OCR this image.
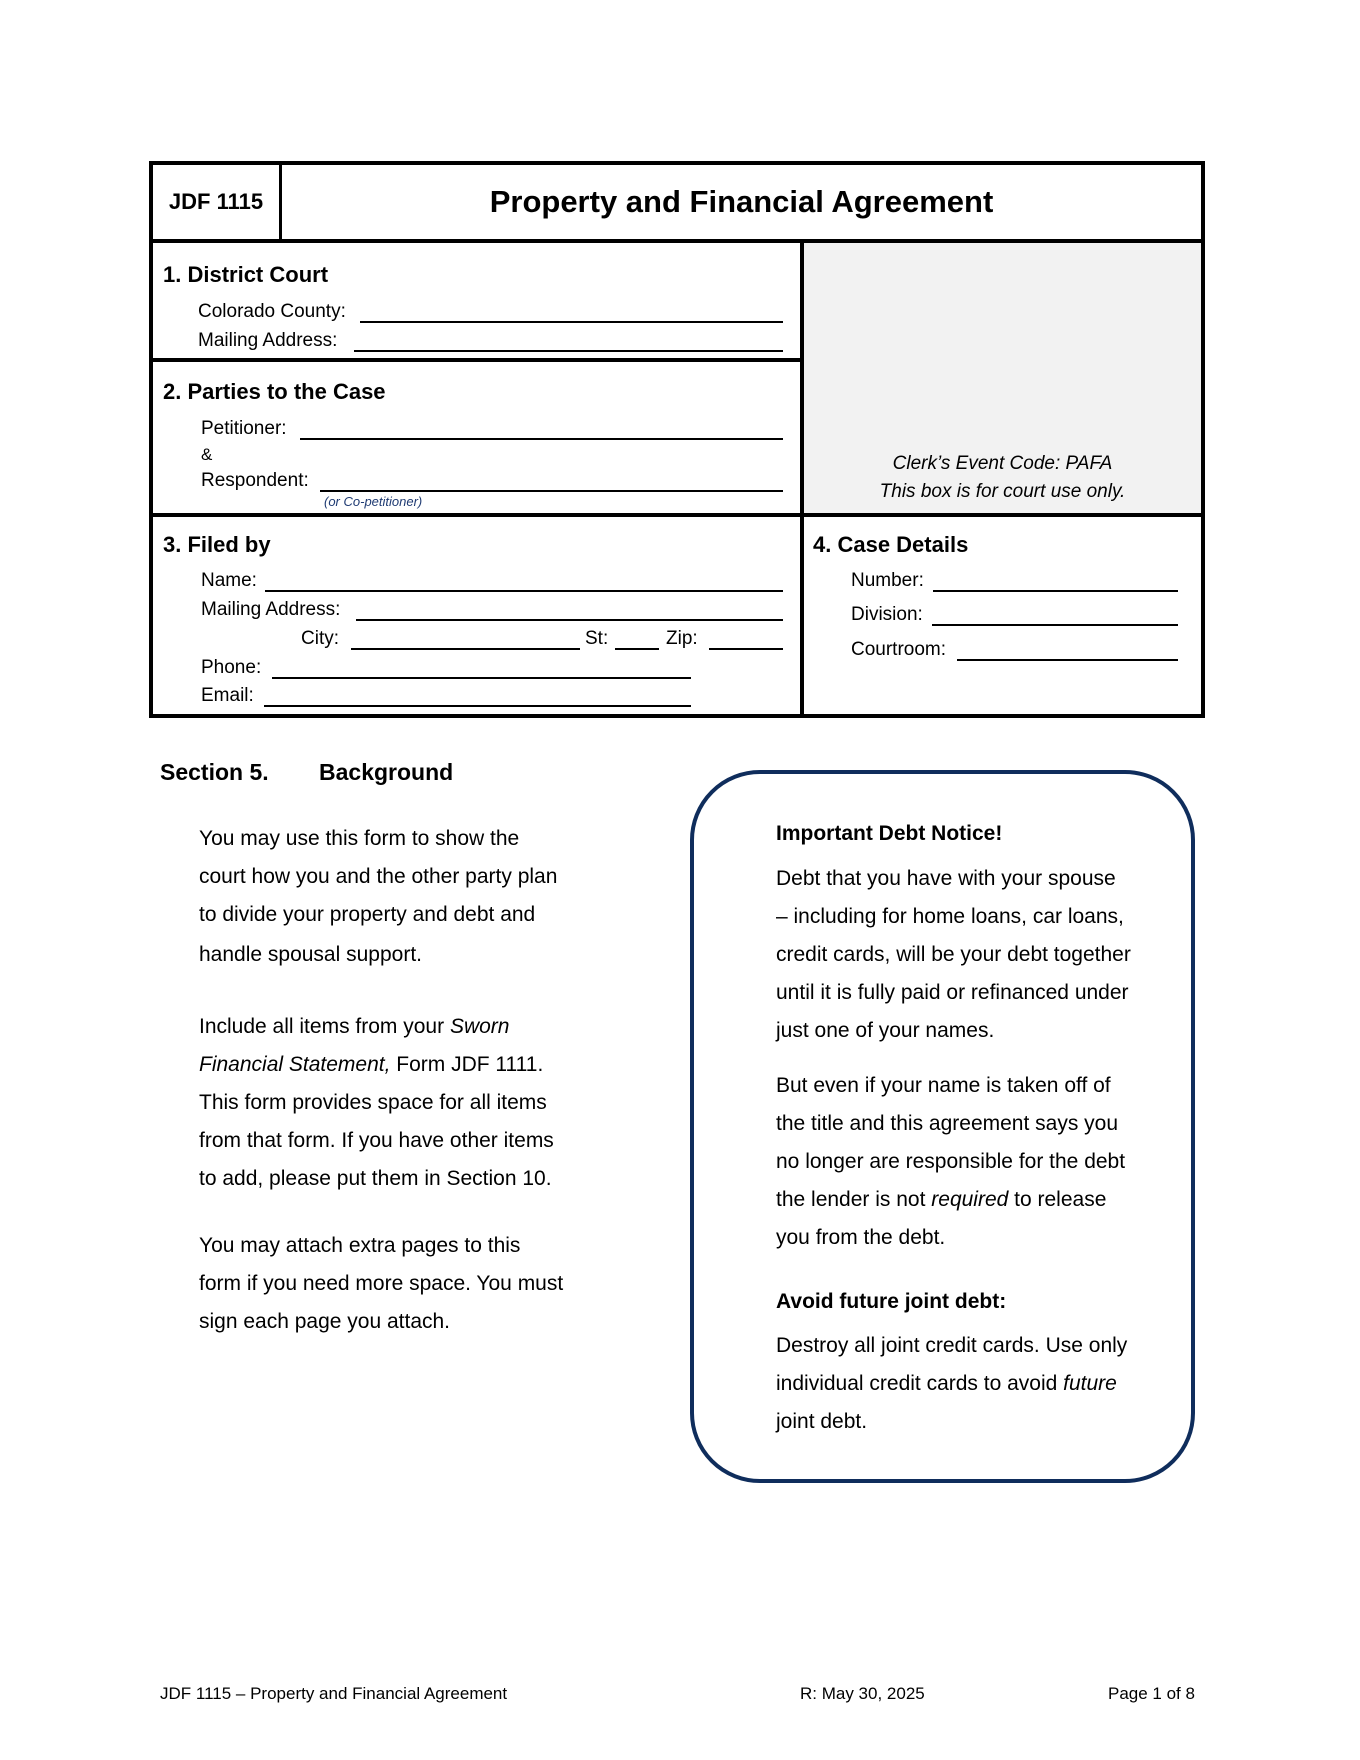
JDF 1115	Property and Financial Agreement
1. District Court
Colorado County:
Mailing Address:
2. Parties to the Case
Petitioner:
&
Respondent:
(or Co-petitioner)
Clerk’s Event Code: PAFA
This box is for court use only.
3. Filed by
Name:
Mailing Address:
City:	St:	Zip:
Phone:
Email:
4. Case Details
Number:
Division:
Courtroom:
Section 5. Background
You may use this form to show the
court how you and the other party plan
to divide your property and debt and
handle spousal support.
Include all items from your Sworn
Financial Statement, Form JDF 1111.
This form provides space for all items
from that form. If you have other items
to add, please put them in Section 10.
You may attach extra pages to this
form if you need more space. You must
sign each page you attach.
Important Debt Notice!
Debt that you have with your spouse
– including for home loans, car loans,
credit cards, will be your debt together
until it is fully paid or refinanced under
just one of your names.
But even if your name is taken off of
the title and this agreement says you
no longer are responsible for the debt
the lender is not required to release
you from the debt.
Avoid future joint debt:
Destroy all joint credit cards. Use only
individual credit cards to avoid future
joint debt.
JDF 1115 – Property and Financial Agreement	R: May 30, 2025	Page 1 of 8
